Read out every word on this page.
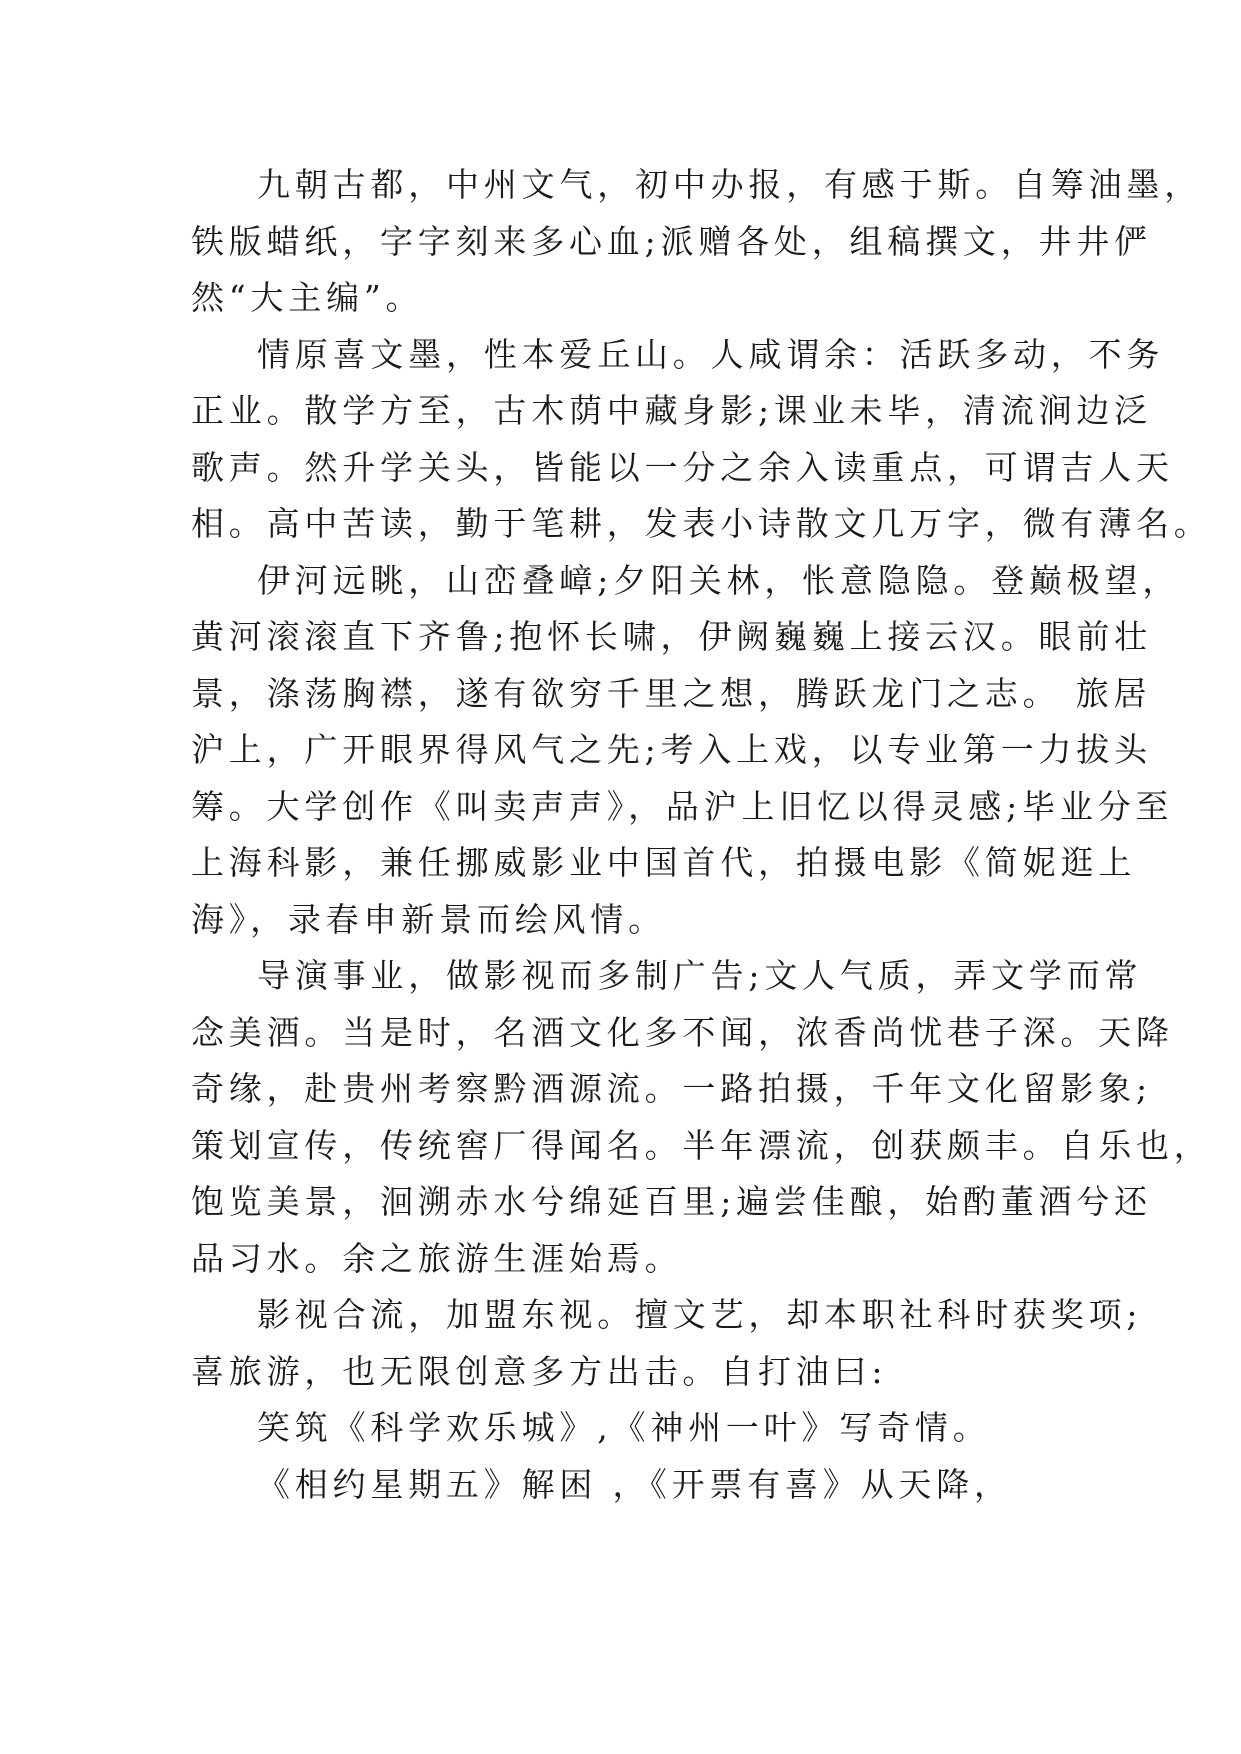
九朝古都，中州文气，初中办报，有感于斯。自筹油墨，
铁版蜡纸，字字刻来多心血;派赠各处，组稿撰文，井井俨
然“大主编”。

情原喜文墨，性本爱丘山。人咸谓余：活跃多动，不务
正业。散学方至，古木荫中藏身影;课业未毕，清流涧边泛
歌声。然升学关头，皆能以一分之余入读重点，可谓吉人天
相。高中苦读，勤于笔耕，发表小诗散文几万字，微有薄名。

伊河远眺，山峦叠嶂;夕阳关林，怅意隐隐。登巅极望，
黄河滚滚直下齐鲁;抱怀长啸，伊阙巍巍上接云汉。眼前壮
景，涤荡胸襟，遂有欲穷千里之想，腾跃龙门之志。 旅居
沪上，广开眼界得风气之先;考入上戏，以专业第一力拔头
筹。大学创作《叫卖声声》，品沪上旧忆以得灵感;毕业分至
上海科影，兼任挪威影业中国首代，拍摄电影《简妮逛上
海》，录春申新景而绘风情。

导演事业，做影视而多制广告;文人气质，弄文学而常
念美酒。当是时，名酒文化多不闻，浓香尚忧巷子深。天降
奇缘，赴贵州考察黔酒源流。一路拍摄，千年文化留影象;
策划宣传，传统窖厂得闻名。半年漂流，创获颇丰。自乐也，
饱览美景，洄溯赤水兮绵延百里;遍尝佳酿，始酌董酒兮还
品习水。余之旅游生涯始焉。

影视合流，加盟东视。擅文艺，却本职社科时获奖项;
喜旅游，也无限创意多方出击。自打油曰:

笑筑《科学欢乐城》,《神州一叶》写奇情。

《相约星期五》解困 ，《开票有喜》从天降，
